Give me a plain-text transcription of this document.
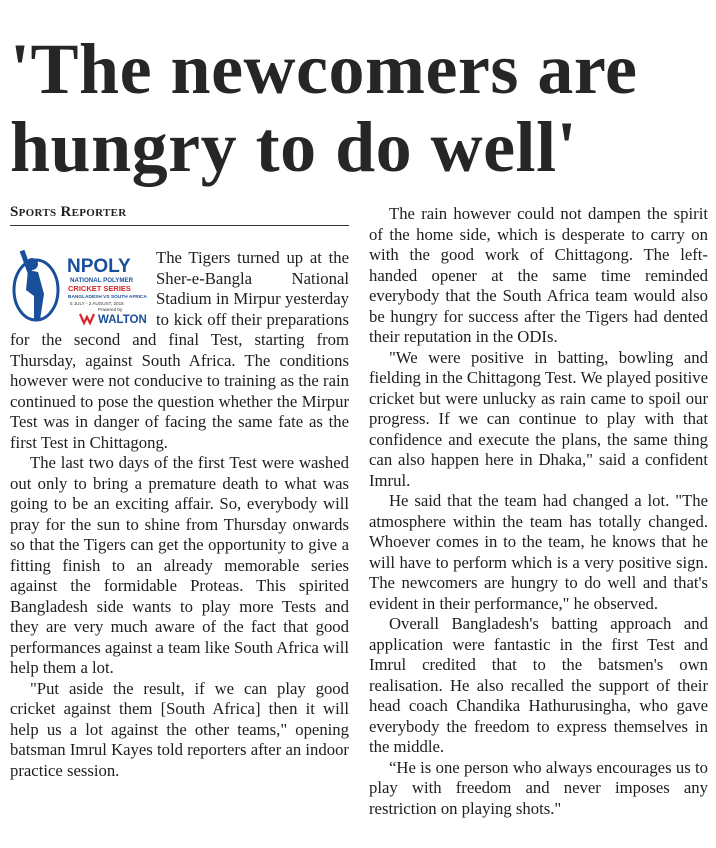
'The newcomers are hungry to do well'
Sports Reporter
NPOLY
NATIONAL POLYMER
CRICKET SERIES
BANGLADESH VS SOUTH AFRICA
5 JULY - 2 AUGUST, 2015
Powered by
WALTON

The Tigers turned up at the Sher-e-Bangla National Stadium in Mirpur yesterday to kick off their preparations for the second and final Test, starting from Thursday, against South Africa. The conditions however were not conducive to training as the rain continued to pose the question whether the Mirpur Test was in danger of facing the same fate as the first Test in Chittagong.

The last two days of the first Test were washed out only to bring a premature death to what was going to be an exciting affair. So, everybody will pray for the sun to shine from Thursday onwards so that the Tigers can get the opportunity to give a fitting finish to an already memorable series against the formidable Proteas. This spirited Bangladesh side wants to play more Tests and they are very much aware of the fact that good performances against a team like South Africa will help them a lot.

"Put aside the result, if we can play good cricket against them [South Africa] then it will help us a lot against the other teams," opening batsman Imrul Kayes told reporters after an indoor practice session.

The rain however could not dampen the spirit of the home side, which is desperate to carry on with the good work of Chittagong. The left-handed opener at the same time reminded everybody that the South Africa team would also be hungry for success after the Tigers had dented their reputation in the ODIs.

"We were positive in batting, bowling and fielding in the Chittagong Test. We played positive cricket but were unlucky as rain came to spoil our progress. If we can continue to play with that confidence and execute the plans, the same thing can also happen here in Dhaka," said a confident Imrul.

He said that the team had changed a lot. "The atmosphere within the team has totally changed. Whoever comes in to the team, he knows that he will have to perform which is a very positive sign. The newcomers are hungry to do well and that's evident in their performance," he observed.

Overall Bangladesh's batting approach and application were fantastic in the first Test and Imrul credited that to the batsmen's own realisation. He also recalled the support of their head coach Chandika Hathurusingha, who gave everybody the freedom to express themselves in the middle.

“He is one person who always encourages us to play with freedom and never imposes any restriction on playing shots."
